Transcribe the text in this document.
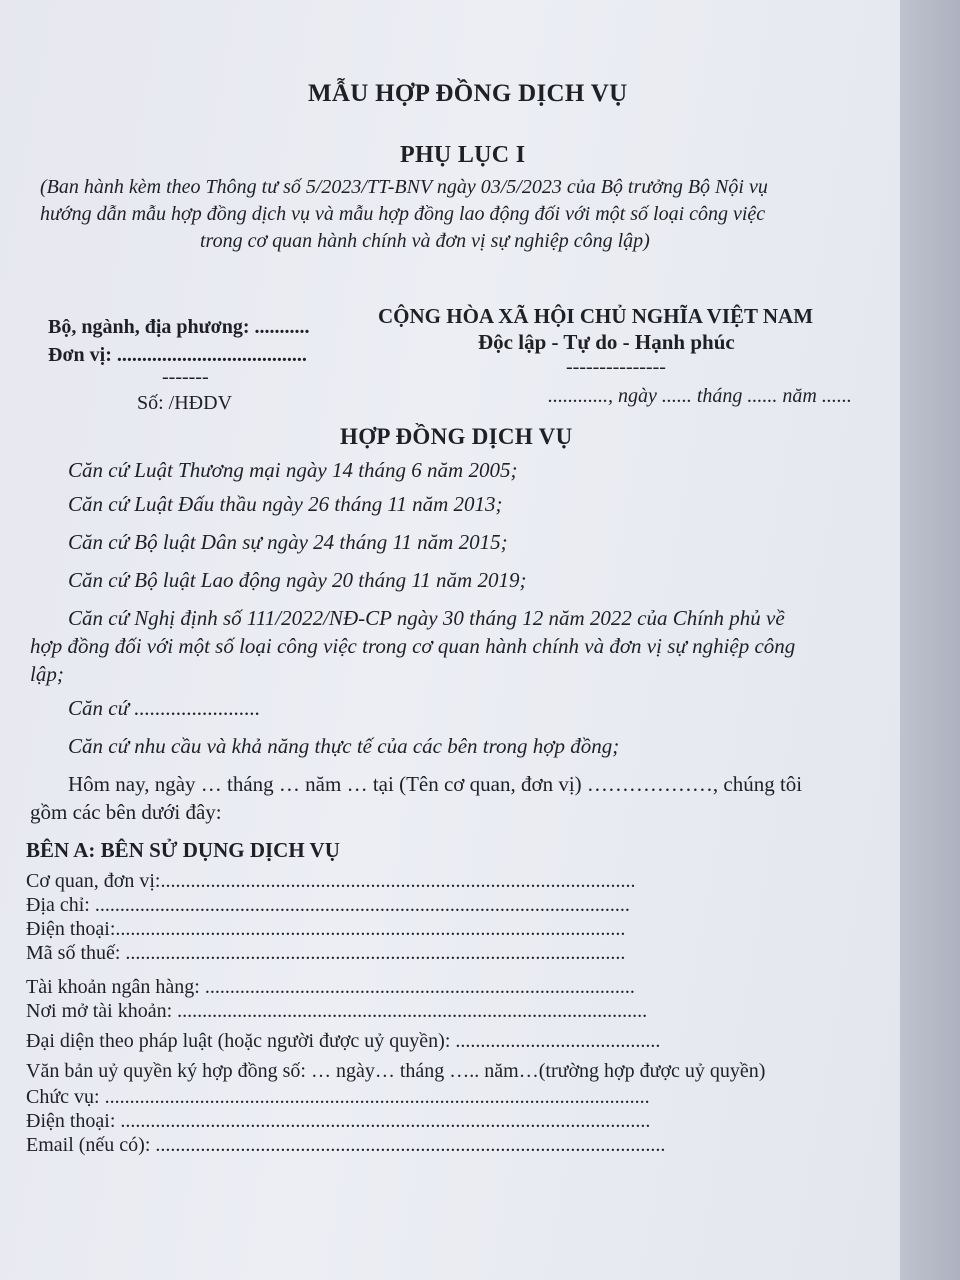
MẪU HỢP ĐỒNG DỊCH VỤ
PHỤ LỤC I
(Ban hành kèm theo Thông tư số 5/2023/TT-BNV ngày 03/5/2023 của Bộ trưởng Bộ Nội vụ
hướng dẫn mẫu hợp đồng dịch vụ và mẫu hợp đồng lao động đối với một số loại công việc
trong cơ quan hành chính và đơn vị sự nghiệp công lập)
Bộ, ngành, địa phương: ...........
Đơn vị: ......................................
-------
Số: /HĐDV
CỘNG HÒA XÃ HỘI CHỦ NGHĨA VIỆT NAM
Độc lập - Tự do - Hạnh phúc
---------------
............, ngày ...... tháng ...... năm ......
HỢP ĐỒNG DỊCH VỤ
Căn cứ Luật Thương mại ngày 14 tháng 6 năm 2005;
Căn cứ Luật Đấu thầu ngày 26 tháng 11 năm 2013;
Căn cứ Bộ luật Dân sự ngày 24 tháng 11 năm 2015;
Căn cứ Bộ luật Lao động ngày 20 tháng 11 năm 2019;
Căn cứ Nghị định số 111/2022/NĐ-CP ngày 30 tháng 12 năm 2022 của Chính phủ về
hợp đồng đối với một số loại công việc trong cơ quan hành chính và đơn vị sự nghiệp công
lập;
Căn cứ ........................
Căn cứ nhu cầu và khả năng thực tế của các bên trong hợp đồng;
Hôm nay, ngày … tháng … năm … tại (Tên cơ quan, đơn vị) ………………, chúng tôi
gồm các bên dưới đây:
BÊN A: BÊN SỬ DỤNG DỊCH VỤ
Cơ quan, đơn vị:...............................................................................................
Địa chỉ: ...........................................................................................................
Điện thoại:......................................................................................................
Mã số thuế: ....................................................................................................
Tài khoản ngân hàng: ......................................................................................
Nơi mở tài khoản: ..............................................................................................
Đại diện theo pháp luật (hoặc người được uỷ quyền): .........................................
Văn bản uỷ quyền ký hợp đồng số: … ngày… tháng ….. năm…(trường hợp được uỷ quyền)
Chức vụ: .............................................................................................................
Điện thoại: ..........................................................................................................
Email (nếu có): ......................................................................................................
